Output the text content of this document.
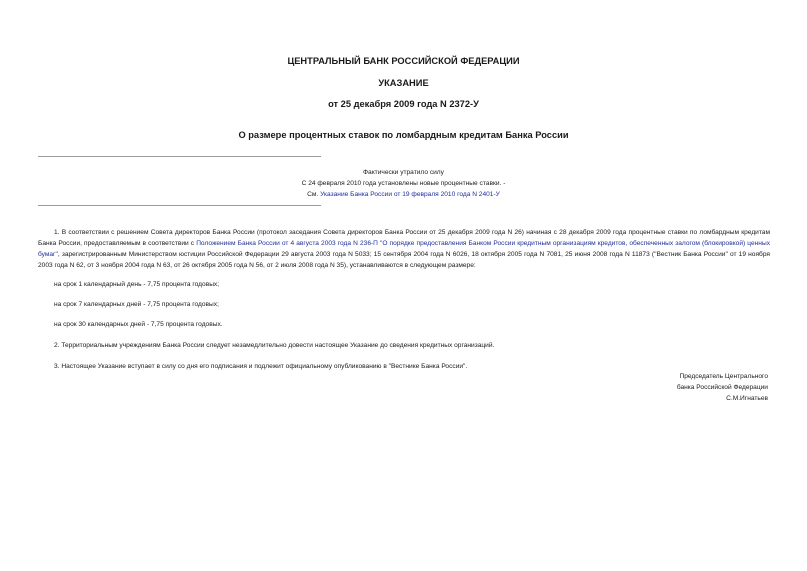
ЦЕНТРАЛЬНЫЙ БАНК РОССИЙСКОЙ ФЕДЕРАЦИИ
УКАЗАНИЕ
от 25 декабря 2009 года N 2372-У
О размере процентных ставок по ломбардным кредитам Банка России
Фактически утратило силу
С 24 февраля 2010 года установлены новые процентные ставки. -
См. Указание Банка России от 19 февраля 2010 года N 2401-У
1. В соответствии с решением Совета директоров Банка России (протокол заседания Совета директоров Банка России от 25 декабря 2009 года N 26) начиная с 28 декабря 2009 года процентные ставки по ломбардным кредитам Банка России, предоставляемым в соответствии с Положением Банка России от 4 августа 2003 года N 236-П "О порядке предоставления Банком России кредитным организациям кредитов, обеспеченных залогом (блокировкой) ценных бумаг", зарегистрированным Министерством юстиции Российской Федерации 29 августа 2003 года N 5033; 15 сентября 2004 года N 6026, 18 октября 2005 года N 7081, 25 июня 2008 года N 11873 ("Вестник Банка России" от 19 ноября 2003 года N 62, от 3 ноября 2004 года N 63, от 26 октября 2005 года N 56, от 2 июля 2008 года N 35), устанавливаются в следующем размере:
на срок 1 календарный день - 7,75 процента годовых;
на срок 7 календарных дней - 7,75 процента годовых;
на срок 30 календарных дней - 7,75 процента годовых.
2. Территориальным учреждениям Банка России следует незамедлительно довести настоящее Указание до сведения кредитных организаций.
3. Настоящее Указание вступает в силу со дня его подписания и подлежит официальному опубликованию в "Вестнике Банка России".
Председатель Центрального
банка Российской Федерации
С.М.Игнатьев
